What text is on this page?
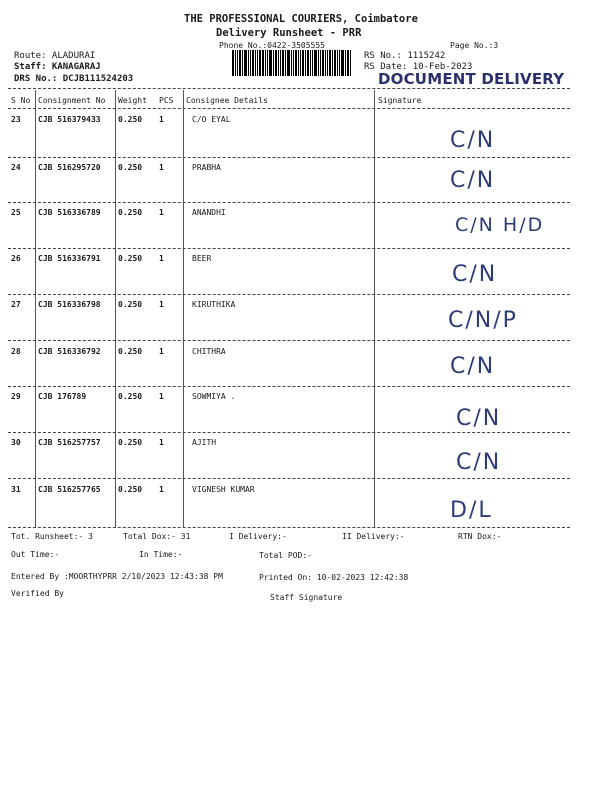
THE PROFESSIONAL COURIERS, Coimbatore
Delivery Runsheet - PRR
Phone No.:0422-3505555	Page No.:3
Route: ALADURAI
Staff: KANAGARAJ
DRS No.: DCJB111524203
RS No.: 1115242
RS Date: 10-Feb-2023
DOCUMENT DELIVERY
S No Consignment No Weight PCS Consignee Details	Signature
23 CJB 516379433 0.250 1	C/O EYAL
C/N
24 CJB 516295720 0.250 1	PRABHA
C/N
25 CJB 516336789 0.250 1	ANANDHI
C/N H/D
26 CJB 516336791 0.250 1	BEER
C/N
27 CJB 516336798 0.250 1	KIRUTHIKA
C/N/P
28 CJB 516336792 0.250 1	CHITHRA
C/N
29 CJB 176789	0.250 1	SOWMIYA .
C/N
30 CJB 516257757 0.250 1	AJITH
C/N
31 CJB 516257765 0.250 1	VIGNESH KUMAR
D/L
Tot. Runsheet:- 3	Total Dox:- 31	I Delivery:-	II Delivery:-	RTN Dox:-
Out Time:-	In Time:-	Total POD:-
Entered By :MOORTHYPRR 2/10/2023 12:43:38 PM	Printed On: 10-02-2023 12:42:38
Verified By	Staff Signature
